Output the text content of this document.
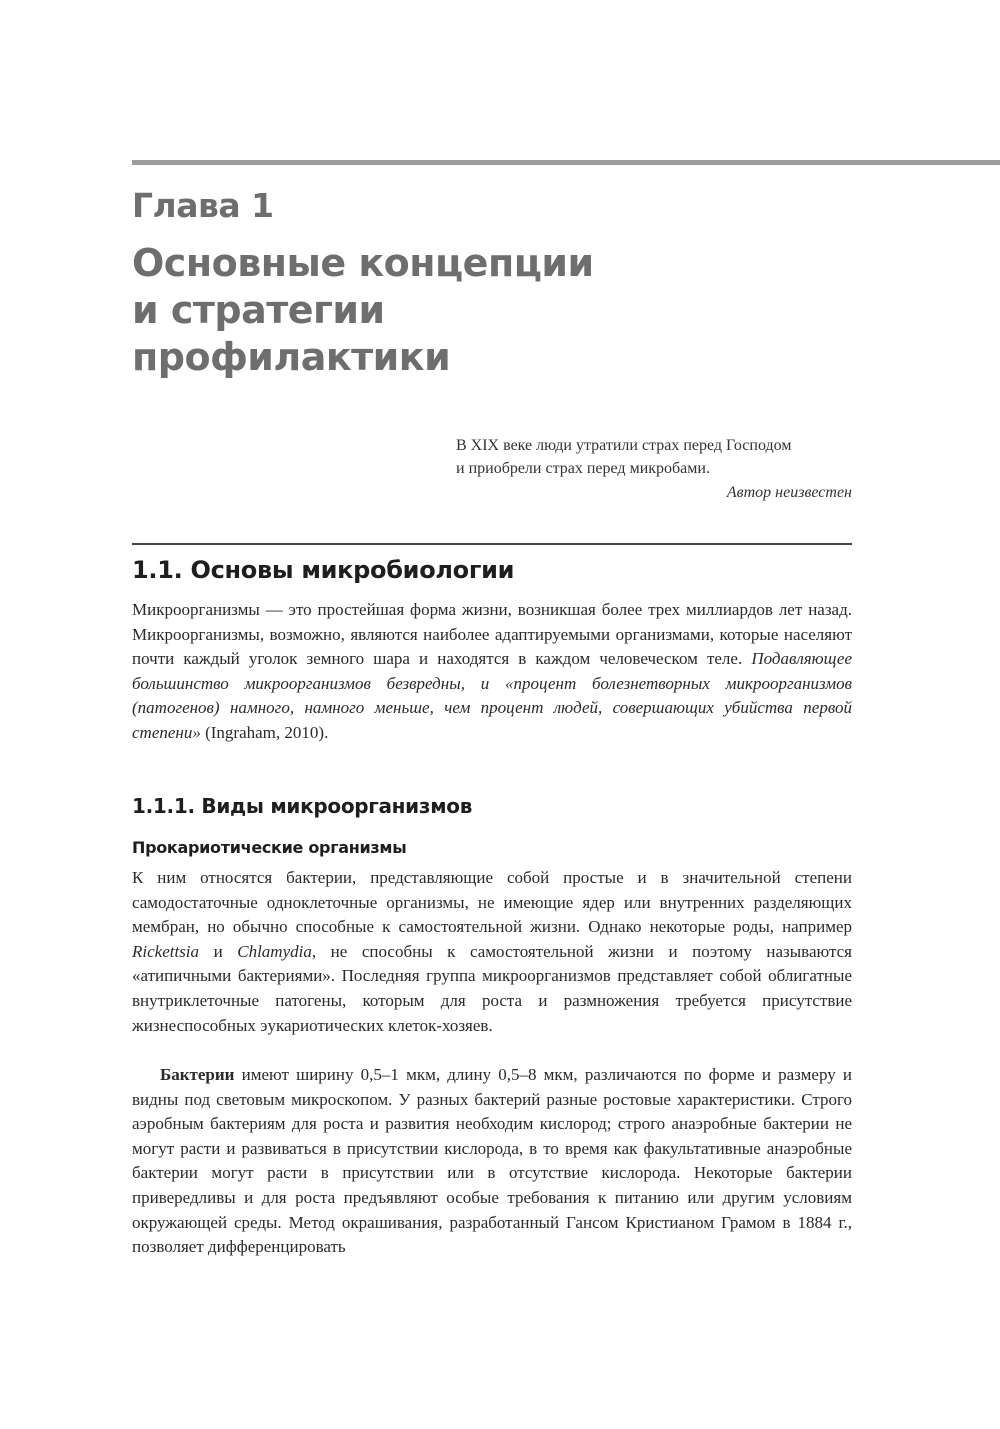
Глава 1
Основные концепции
и стратегии
профилактики
В XIX веке люди утратили страх перед Господом
и приобрели страх перед микробами.
Автор неизвестен
1.1. Основы микробиологии

Микроорганизмы — это простейшая форма жизни, возникшая более трех миллиардов лет назад. Микроорганизмы, возможно, являются наиболее адаптируемыми организмами, которые населяют почти каждый уголок земного шара и находятся в каждом человеческом теле. Подавляющее большинство микроорганизмов безвредны, и «процент болезнетворных микроорганизмов (патогенов) намного, намного меньше, чем процент людей, совершающих убийства первой степени» (Ingraham, 2010).

1.1.1. Виды микроорганизмов
Прокариотические организмы

К ним относятся бактерии, представляющие собой простые и в значительной степени самодостаточные одноклеточные организмы, не имеющие ядер или внутренних разделяющих мембран, но обычно способные к самостоятельной жизни. Однако некоторые роды, например Rickettsia и Chlamydia, не способны к самостоятельной жизни и поэтому называются «атипичными бактериями». Последняя группа микроорганизмов представляет собой облигатные внутриклеточные патогены, которым для роста и размножения требуется присутствие жизнеспособных эукариотических клеток-хозяев.

Бактерии имеют ширину 0,5–1 мкм, длину 0,5–8 мкм, различаются по форме и размеру и видны под световым микроскопом. У разных бактерий разные ростовые характеристики. Строго аэробным бактериям для роста и развития необходим кислород; строго анаэробные бактерии не могут расти и развиваться в присутствии кислорода, в то время как факультативные анаэробные бактерии могут расти в присутствии или в отсутствие кислорода. Некоторые бактерии привередливы и для роста предъявляют особые требования к питанию или другим условиям окружающей среды. Метод окрашивания, разработанный Гансом Кристианом Грамом в 1884 г., позволяет дифференцировать
